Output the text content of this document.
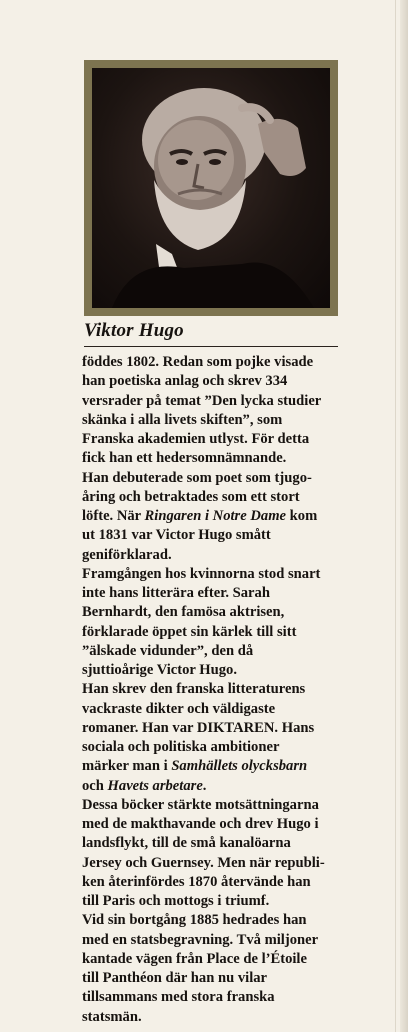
Viktor Hugo

föddes 1802. Redan som pojke visade

han poetiska anlag och skrev 334

versrader på temat ”Den lycka studier

skänka i alla livets skiften”, som

Franska akademien utlyst. För detta

fick han ett hedersomnämnande.

Han debuterade som poet som tjugo-

åring och betraktades som ett stort

löfte. När Ringaren i Notre Dame kom

ut 1831 var Victor Hugo smått

geniförklarad.

Framgången hos kvinnorna stod snart

inte hans litterära efter. Sarah

Bernhardt, den famösa aktrisen,

förklarade öppet sin kärlek till sitt

”älskade vidunder”, den då

sjuttioårige Victor Hugo.

Han skrev den franska litteraturens

vackraste dikter och väldigaste

romaner. Han var DIKTAREN. Hans

sociala och politiska ambitioner

märker man i Samhällets olycksbarn

och Havets arbetare.

Dessa böcker stärkte motsättningarna

med de makthavande och drev Hugo i

landsflykt, till de små kanalöarna

Jersey och Guernsey. Men när republi-

ken återinfördes 1870 återvände han

till Paris och mottogs i triumf.

Vid sin bortgång 1885 hedrades han

med en statsbegravning. Två miljoner

kantade vägen från Place de l’Étoile

till Panthéon där han nu vilar

tillsammans med stora franska

statsmän.
